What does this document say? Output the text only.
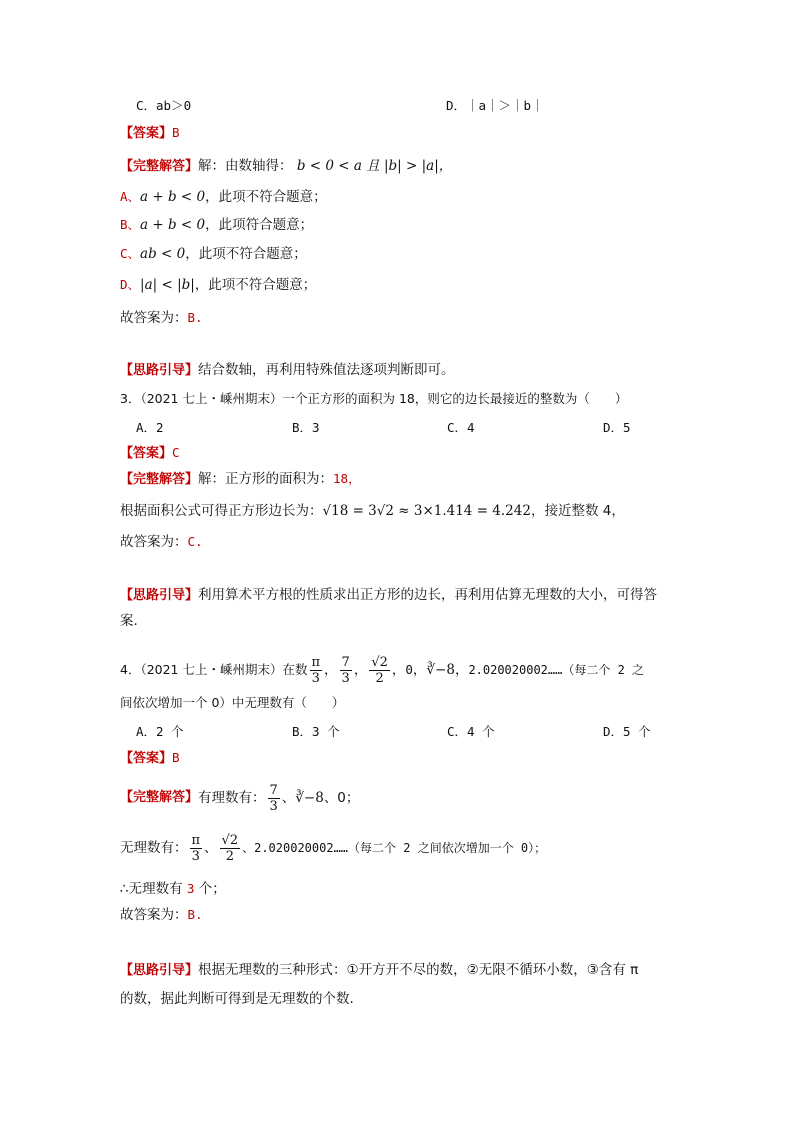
C．ab＞0	D．｜a｜＞｜b｜
【答案】B
【完整解答】解：由数轴得： b < 0 < a 且 |b| > |a|，
A、a + b < 0，此项不符合题意；
B、a + b < 0，此项符合题意；
C、ab < 0，此项不符合题意；
D、|a| < |b|，此项不符合题意；
故答案为：B.
【思路引导】结合数轴，再利用特殊值法逐项判断即可。
3．（2021 七上・嵊州期末）一个正方形的面积为 18，则它的边长最接近的整数为（　　）
A．2	B．3	C．4	D．5
【答案】C
【完整解答】解：正方形的面积为：18，
根据面积公式可得正方形边长为：√18 = 3√2 ≈ 3×1.414 = 4.242，接近整数 4，
故答案为：C.
【思路引导】利用算术平方根的性质求出正方形的边长，再利用估算无理数的大小，可得答
案.
4．（2021 七上・嵊州期末）在数 $\frac{\pi}{3}$ ， $\frac{7}{3}$ ， $\frac{√2}{2}$ ， 0 ， ∛−8 ， 2.020020002……（每二个 2 之
间依次增加一个 0）中无理数有（　　）
A．2 个	B．3 个	C．4 个	D．5 个
【答案】B
【完整解答】 有理数有： $\frac{7}{3}$ 、 ∛−8 、0；
无理数有： $\frac{\pi}{3}$ 、 $\frac{√2}{2}$ 、2.020020002……（每二个 2 之间依次增加一个 0）；
∴无理数有 3 个；
故答案为：B.
【思路引导】根据无理数的三种形式：①开方开不尽的数，②无限不循环小数，③含有 π
的数，据此判断可得到是无理数的个数.
